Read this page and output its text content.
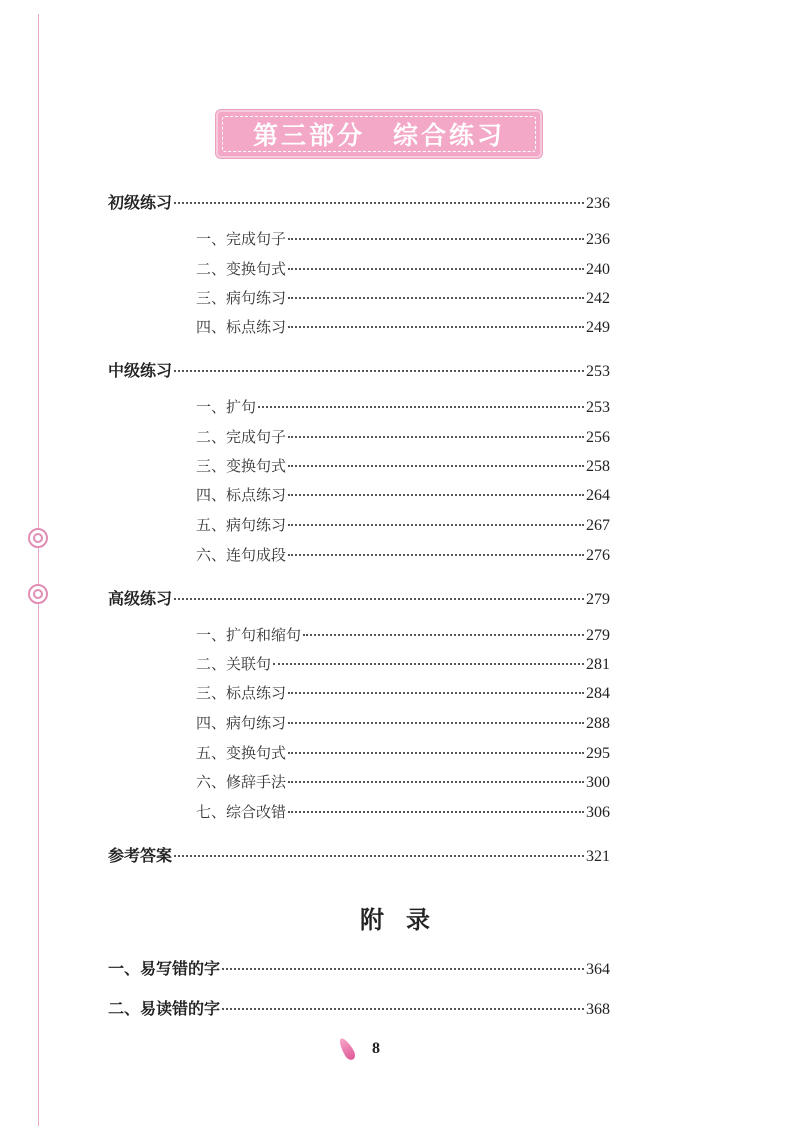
第三部分　综合练习
初级练习	236
一、完成句子	236
二、变换句式	240
三、病句练习	242
四、标点练习	249
中级练习	253
一、扩句	253
二、完成句子	256
三、变换句式	258
四、标点练习	264
五、病句练习	267
六、连句成段	276
高级练习	279
一、扩句和缩句	279
二、关联句	281
三、标点练习	284
四、病句练习	288
五、变换句式	295
六、修辞手法	300
七、综合改错	306
参考答案	321
附录
一、易写错的字	364
二、易读错的字	368
8
